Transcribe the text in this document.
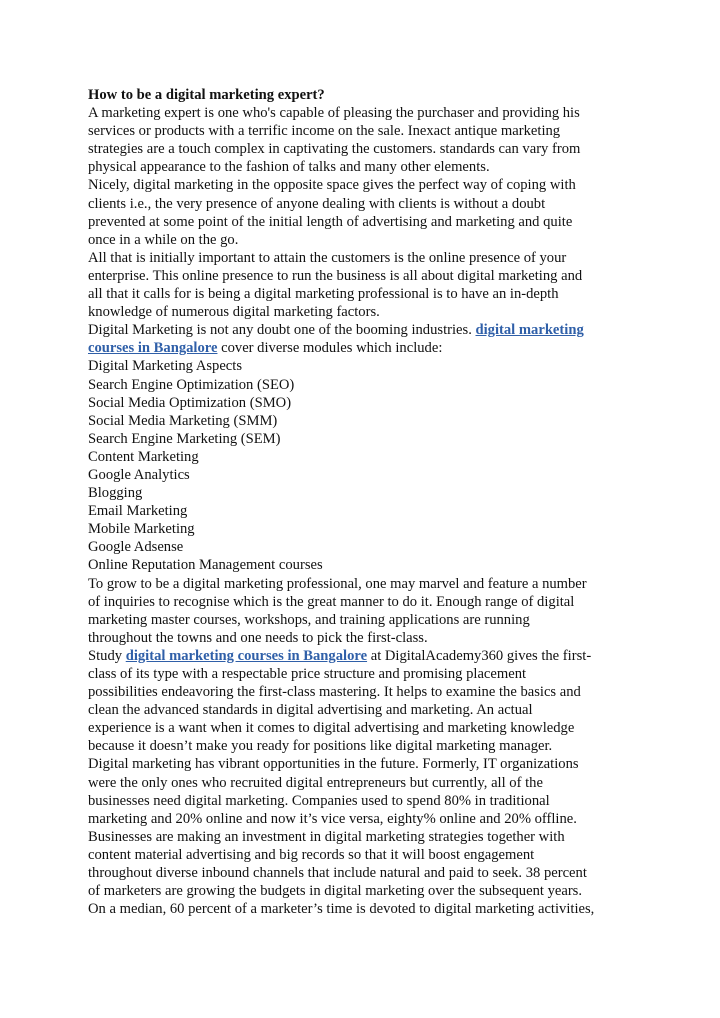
How to be a digital marketing expert?
A marketing expert is one who's capable of pleasing the purchaser and providing his
services or products with a terrific income on the sale. Inexact antique marketing
strategies are a touch complex in captivating the customers. standards can vary from
physical appearance to the fashion of talks and many other elements.
Nicely, digital marketing in the opposite space gives the perfect way of coping with
clients i.e., the very presence of anyone dealing with clients is without a doubt
prevented at some point of the initial length of advertising and marketing and quite
once in a while on the go.
All that is initially important to attain the customers is the online presence of your
enterprise. This online presence to run the business is all about digital marketing and
all that it calls for is being a digital marketing professional is to have an in-depth
knowledge of numerous digital marketing factors.
Digital Marketing is not any doubt one of the booming industries. digital marketing
courses in Bangalore cover diverse modules which include:
Digital Marketing Aspects
Search Engine Optimization (SEO)
Social Media Optimization (SMO)
Social Media Marketing (SMM)
Search Engine Marketing (SEM)
Content Marketing
Google Analytics
Blogging
Email Marketing
Mobile Marketing
Google Adsense
Online Reputation Management courses
To grow to be a digital marketing professional, one may marvel and feature a number
of inquiries to recognise which is the great manner to do it. Enough range of digital
marketing master courses, workshops, and training applications are running
throughout the towns and one needs to pick the first-class.
Study digital marketing courses in Bangalore at DigitalAcademy360 gives the first-
class of its type with a respectable price structure and promising placement
possibilities endeavoring the first-class mastering. It helps to examine the basics and
clean the advanced standards in digital advertising and marketing. An actual
experience is a want when it comes to digital advertising and marketing knowledge
because it doesn’t make you ready for positions like digital marketing manager.
Digital marketing has vibrant opportunities in the future. Formerly, IT organizations
were the only ones who recruited digital entrepreneurs but currently, all of the
businesses need digital marketing. Companies used to spend 80% in traditional
marketing and 20% online and now it’s vice versa, eighty% online and 20% offline.
Businesses are making an investment in digital marketing strategies together with
content material advertising and big records so that it will boost engagement
throughout diverse inbound channels that include natural and paid to seek. 38 percent
of marketers are growing the budgets in digital marketing over the subsequent years.
On a median, 60 percent of a marketer’s time is devoted to digital marketing activities,
